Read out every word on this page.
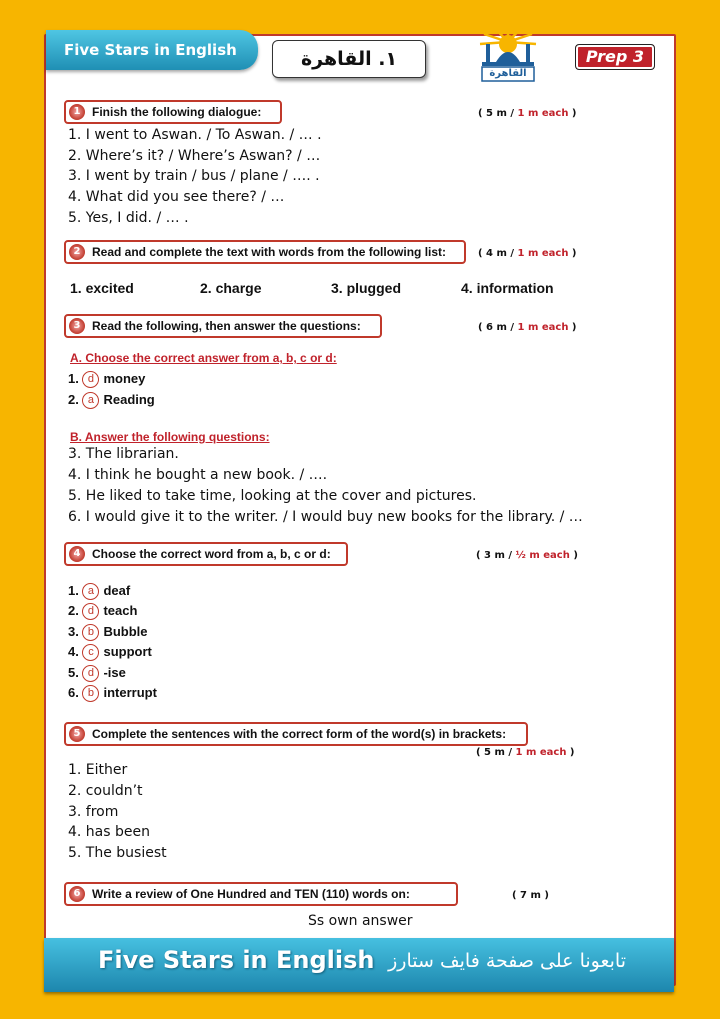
Five Stars in English	١. القاهرة
القاهرة
Prep 3
1 Finish the following dialogue:	( 5 m / 1 m each )
1. I went to Aswan. / To Aswan. / … .
2. Where’s it? / Where’s Aswan? / …
3. I went by train / bus / plane / …. .
4. What did you see there? / …
5. Yes, I did. / … .
2 Read and complete the text with words from the following list:	( 4 m / 1 m each )
1. excited	2. charge	3. plugged	4. information
3 Read the following, then answer the questions:	( 6 m / 1 m each )
A. Choose the correct answer from a, b, c or d:
1. d money
2. a Reading
B. Answer the following questions:
3. The librarian.
4. I think he bought a new book. / ….
5. He liked to take time, looking at the cover and pictures.
6. I would give it to the writer. / I would buy new books for the library. / …
4 Choose the correct word from a, b, c or d:	( 3 m / ½ m each )
1. a deaf
2. d teach
3. b Bubble
4. c support
5. d -ise
6. b interrupt
5 Complete the sentences with the correct form of the word(s) in brackets:
( 5 m / 1 m each )
1. Either
2. couldn’t
3. from
4. has been
5. The busiest
6 Write a review of One Hundred and TEN (110) words on:	( 7 m )
Ss own answer
Five Stars in English تابعونا على صفحة فايف ستارز
